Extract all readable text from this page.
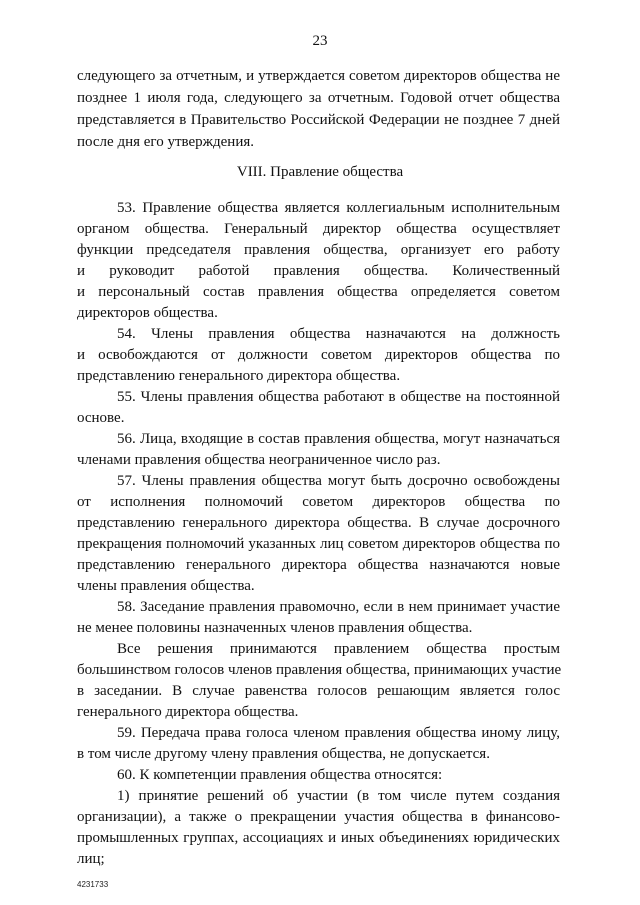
23
следующего за отчетным, и утверждается советом директоров общества не
позднее 1 июля года, следующего за отчетным. Годовой отчет общества
представляется в Правительство Российской Федерации не позднее 7 дней
после дня его утверждения.
VIII. Правление общества
53. Правление общества является коллегиальным исполнительным
органом общества. Генеральный директор общества осуществляет
функции председателя правления общества, организует его работу
и руководит работой правления общества. Количественный
и персональный состав правления общества определяется советом
директоров общества.
54. Члены правления общества назначаются на должность
и освобождаются от должности советом директоров общества по
представлению генерального директора общества.
55. Члены правления общества работают в обществе на постоянной
основе.
56. Лица, входящие в состав правления общества, могут назначаться
членами правления общества неограниченное число раз.
57. Члены правления общества могут быть досрочно освобождены
от исполнения полномочий советом директоров общества по
представлению генерального директора общества. В случае досрочного
прекращения полномочий указанных лиц советом директоров общества по
представлению генерального директора общества назначаются новые
члены правления общества.
58. Заседание правления правомочно, если в нем принимает участие
не менее половины назначенных членов правления общества.
Все решения принимаются правлением общества простым
большинством голосов членов правления общества, принимающих участие
в заседании. В случае равенства голосов решающим является голос
генерального директора общества.
59. Передача права голоса членом правления общества иному лицу,
в том числе другому члену правления общества, не допускается.
60. К компетенции правления общества относятся:
1) принятие решений об участии (в том числе путем создания
организации), а также о прекращении участия общества в финансово-
промышленных группах, ассоциациях и иных объединениях юридических
лиц;
4231733
